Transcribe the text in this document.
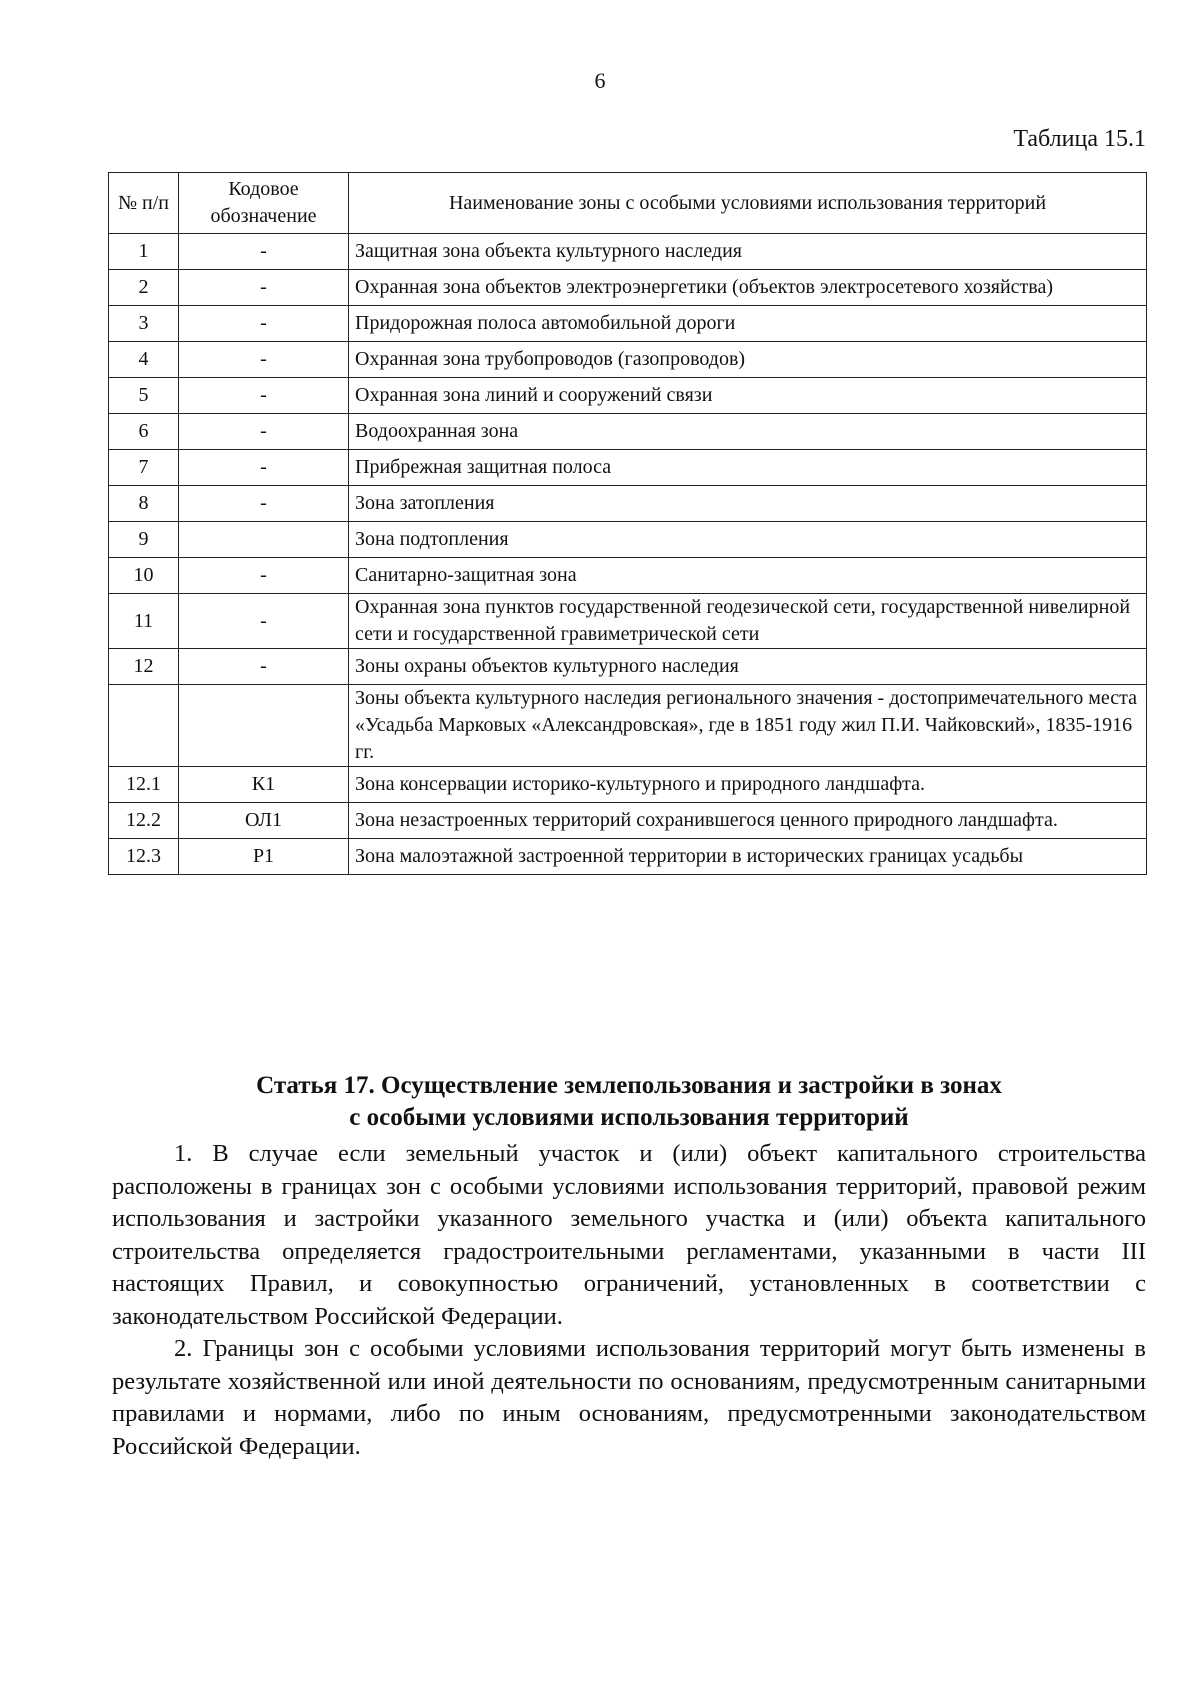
6
Таблица 15.1
№ п/п	Кодовое обозначение	Наименование зоны с особыми условиями использования территорий
1	-	Защитная зона объекта культурного наследия
2	-	Охранная зона объектов электроэнергетики (объектов электросетевого хозяйства)
3	-	Придорожная полоса автомобильной дороги
4	-	Охранная зона трубопроводов (газопроводов)
5	-	Охранная зона линий и сооружений связи
6	-	Водоохранная зона
7	-	Прибрежная защитная полоса
8	-	Зона затопления
9		Зона подтопления
10	-	Санитарно-защитная зона
11	-	Охранная зона пунктов государственной геодезической сети, государственной нивелирной сети и государственной гравиметрической сети
12	-	Зоны охраны объектов культурного наследия
		Зоны объекта культурного наследия регионального значения - достопримечательного места «Усадьба Марковых «Александровская», где в 1851 году жил П.И. Чайковский», 1835-1916 гг.
12.1	К1	Зона консервации историко-культурного и природного ландшафта.
12.2	ОЛ1	Зона незастроенных территорий сохранившегося ценного природного ландшафта.
12.3	Р1	Зона малоэтажной застроенной территории в исторических границах усадьбы
Статья 17. Осуществление землепользования и застройки в зонах
с особыми условиями использования территорий

1. В случае если земельный участок и (или) объект капитального строительства расположены в границах зон с особыми условиями использования территорий, правовой режим использования и застройки указанного земельного участка и (или) объекта капитального строительства определяется градостроительными регламентами, указанными в части III настоящих Правил, и совокупностью ограничений, установленных в соответствии с законодательством Российской Федерации.

2. Границы зон с особыми условиями использования территорий могут быть изменены в результате хозяйственной или иной деятельности по основаниям, предусмотренным санитарными правилами и нормами, либо по иным основаниям, предусмотренными законодательством Российской Федерации.
